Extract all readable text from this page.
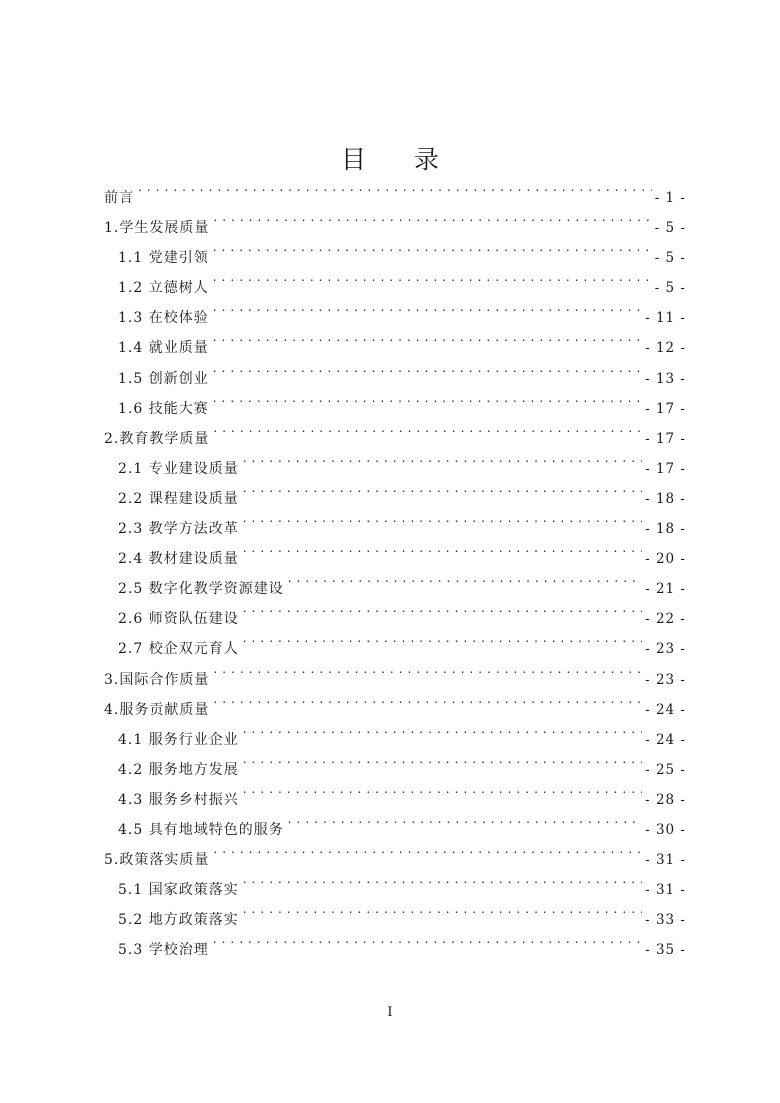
目 录
前言 . . .	- 1 -
1.学生发展质量 . . .	- 5 -
1.1 党建引领 . . .	- 5 -
1.2 立德树人 . . .	- 5 -
1.3 在校体验 . . .	- 11 -
1.4 就业质量 . . .	- 12 -
1.5 创新创业 . . .	- 13 -
1.6 技能大赛 . . .	- 17 -
2.教育教学质量 . . .	- 17 -
2.1 专业建设质量 . . .	- 17 -
2.2 课程建设质量 . . .	- 18 -
2.3 教学方法改革 . . .	- 18 -
2.4 教材建设质量 . . .	- 20 -
2.5 数字化教学资源建设 . . .	- 21 -
2.6 师资队伍建设 . . .	- 22 -
2.7 校企双元育人 . . .	- 23 -
3.国际合作质量 . . .	- 23 -
4.服务贡献质量 . . .	- 24 -
4.1 服务行业企业 . . .	- 24 -
4.2 服务地方发展 . . .	- 25 -
4.3 服务乡村振兴 . . .	- 28 -
4.5 具有地域特色的服务 . . .	- 30 -
5.政策落实质量 . . .	- 31 -
5.1 国家政策落实 . . .	- 31 -
5.2 地方政策落实 . . .	- 33 -
5.3 学校治理 . . .	- 35 -
I
